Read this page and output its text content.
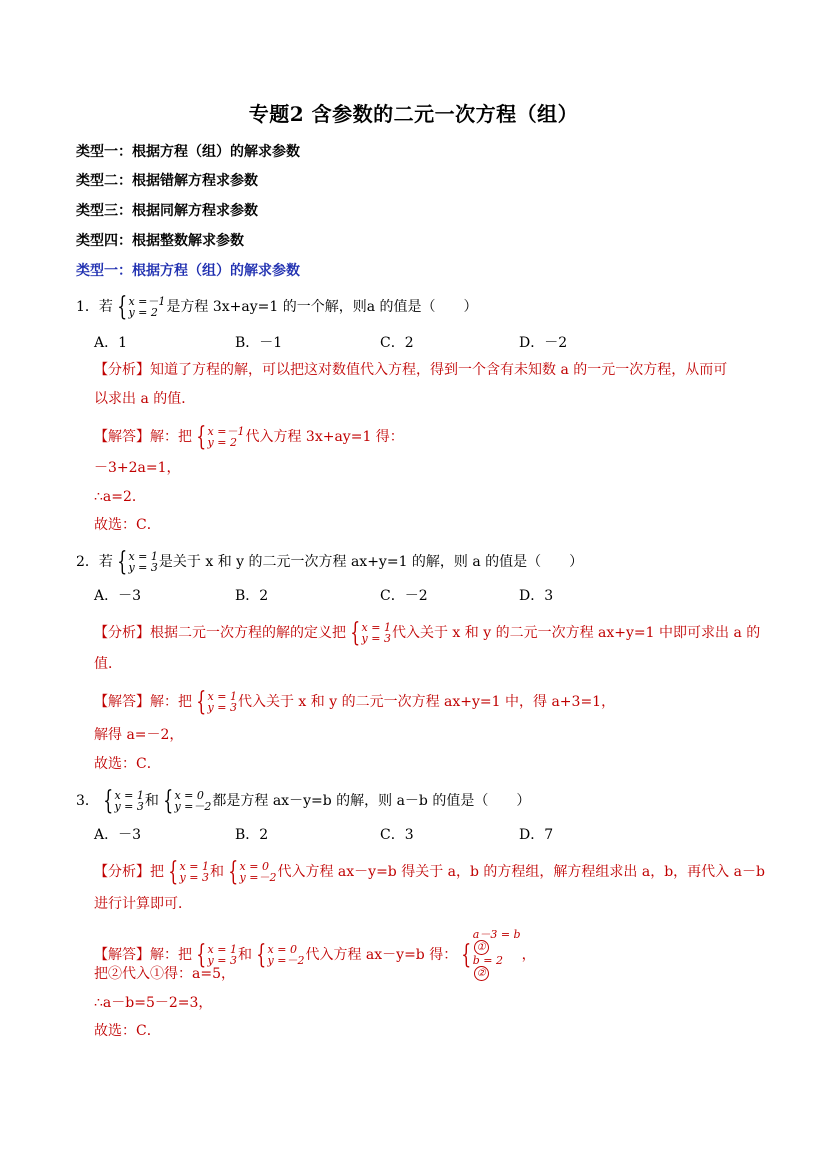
专题2 含参数的二元一次方程（组）
类型一：根据方程（组）的解求参数
类型二：根据错解方程求参数
类型三：根据同解方程求参数
类型四：根据整数解求参数
类型一：根据方程（组）的解求参数
1．若 { x =－1
y = 2 是方程 3x+ay=1 的一个解，则a 的值是（　　）
A．1	B．－1	C．2	D．－2
【分析】知道了方程的解，可以把这对数值代入方程，得到一个含有未知数 a 的一元一次方程，从而可
以求出 a 的值．
【解答】解：把 { x =－1
y = 2 代入方程 3x+ay=1 得：
－3+2a=1，
∴a=2．
故选：C．
2．若 { x = 1
y = 3 是关于 x 和 y 的二元一次方程 ax+y=1 的解，则 a 的值是（　　）
A．－3	B．2	C．－2	D．3
【分析】根据二元一次方程的解的定义把 { x = 1
y = 3 代入关于 x 和 y 的二元一次方程 ax+y=1 中即可求出 a 的
值．
【解答】解：把 { x = 1
y = 3 代入关于 x 和 y 的二元一次方程 ax+y=1 中，得 a+3=1，
解得 a=－2，
故选：C．
3． { x = 1
y = 3 和 { x = 0
y =－2 都是方程 ax－y=b 的解，则 a－b 的值是（　　）
A．－3	B．2	C．3	D．7
【分析】把 { x = 1
y = 3 和 { x = 0
y =－2 代入方程 ax－y=b 得关于 a，b 的方程组，解方程组求出 a，b，再代入 a－b
进行计算即可．
【解答】解：把 { x = 1
y = 3 和 { x = 0
y =－2 代入方程 ax－y=b 得： {
a－3 = b
①
b = 2
②
，
把②代入①得：a=5，
∴a－b=5－2=3，
故选：C．
